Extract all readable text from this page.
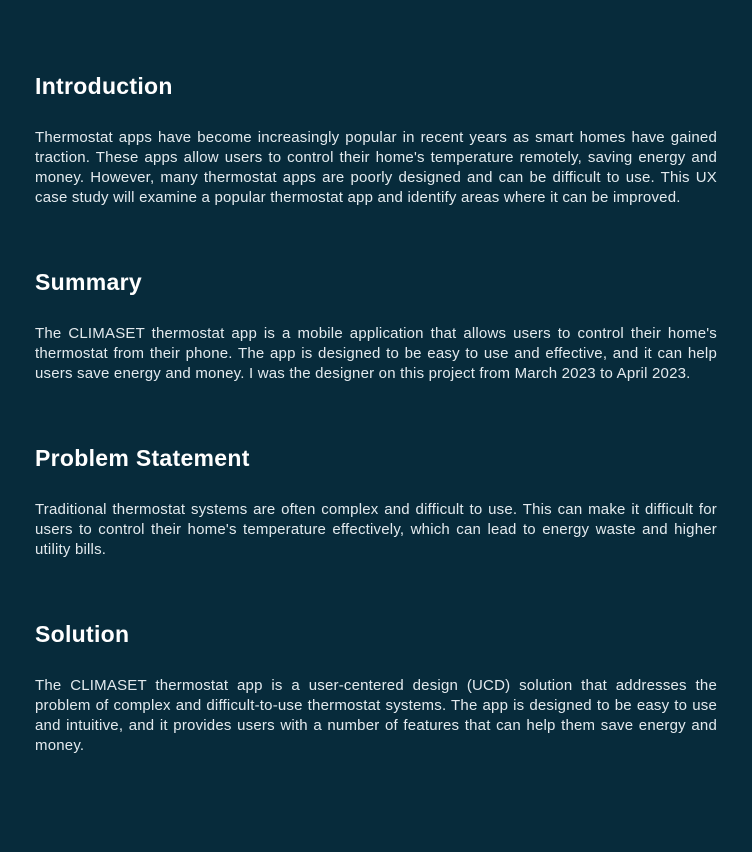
Introduction

Thermostat apps have become increasingly popular in recent years as smart homes have gained traction. These apps allow users to control their home's temperature remotely, saving energy and money. However, many thermostat apps are poorly designed and can be difficult to use. This UX case study will examine a popular thermostat app and identify areas where it can be improved.

Summary

The CLIMASET thermostat app is a mobile application that allows users to control their home's thermostat from their phone. The app is designed to be easy to use and effective, and it can help users save energy and money. I was the designer on this project from March 2023 to April 2023.

Problem Statement

Traditional thermostat systems are often complex and difficult to use. This can make it difficult for users to control their home's temperature effectively, which can lead to energy waste and higher utility bills.

Solution

The CLIMASET thermostat app is a user-centered design (UCD) solution that addresses the problem of complex and difficult-to-use thermostat systems. The app is designed to be easy to use and intuitive, and it provides users with a number of features that can help them save energy and money.
